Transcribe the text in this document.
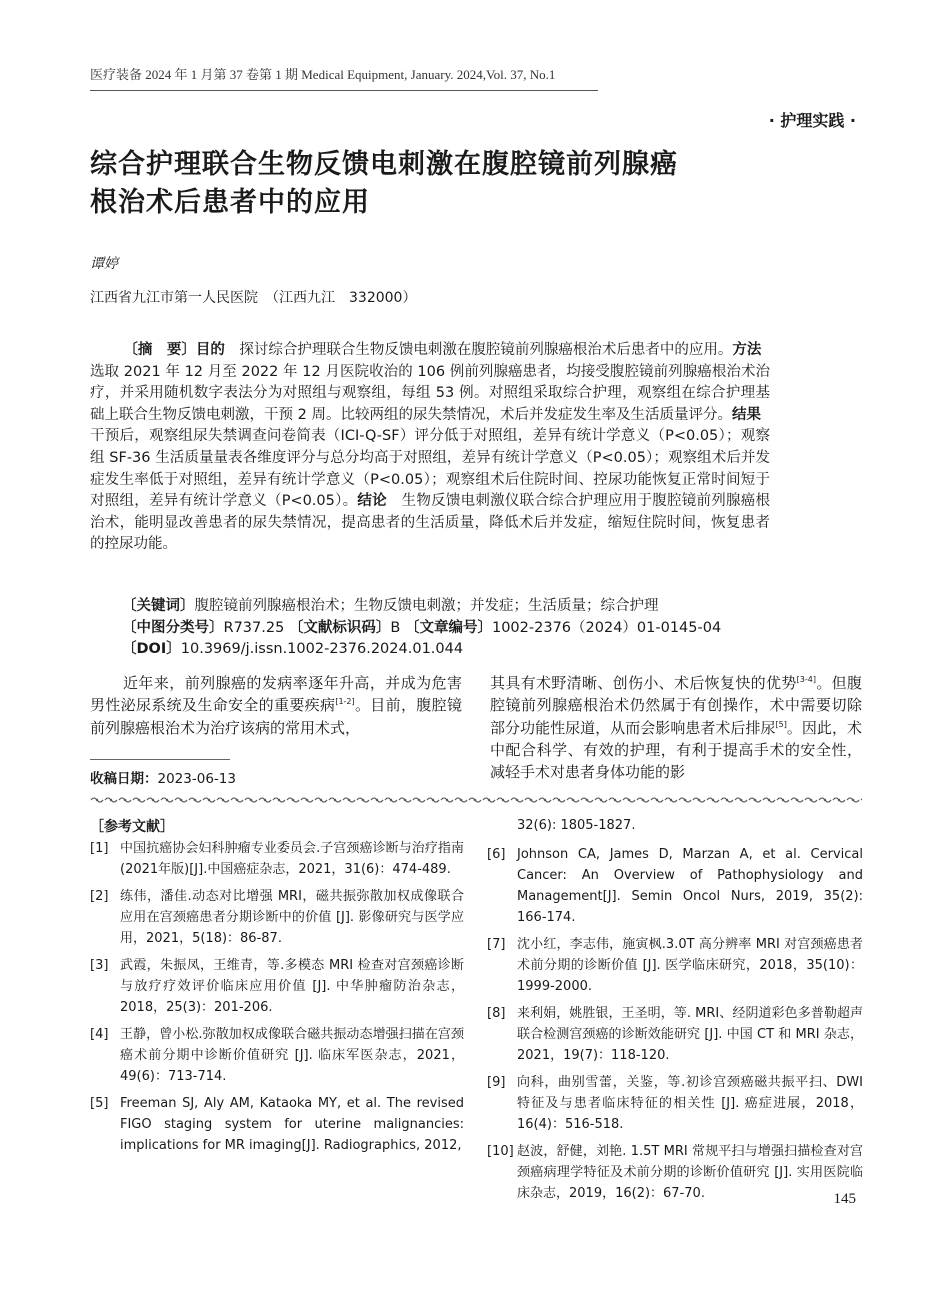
医疗装备 2024 年 1 月第 37 卷第 1 期 Medical Equipment, January. 2024,Vol. 37, No.1
· 护理实践 ·
综合护理联合生物反馈电刺激在腹腔镜前列腺癌
根治术后患者中的应用
谭婷
江西省九江市第一人民医院　（江西九江　332000）
〔摘　要〕目的　探讨综合护理联合生物反馈电刺激在腹腔镜前列腺癌根治术后患者中的应用。方法　选取 2021 年 12 月至 2022 年 12 月医院收治的 106 例前列腺癌患者，均接受腹腔镜前列腺癌根治术治疗，并采用随机数字表法分为对照组与观察组，每组 53 例。对照组采取综合护理，观察组在综合护理基础上联合生物反馈电刺激，干预 2 周。比较两组的尿失禁情况，术后并发症发生率及生活质量评分。结果　干预后，观察组尿失禁调查问卷简表（ICI-Q-SF）评分低于对照组，差异有统计学意义（P<0.05）；观察组 SF-36 生活质量量表各维度评分与总分均高于对照组，差异有统计学意义（P<0.05）；观察组术后并发症发生率低于对照组，差异有统计学意义（P<0.05）；观察组术后住院时间、控尿功能恢复正常时间短于对照组，差异有统计学意义（P<0.05）。结论　生物反馈电刺激仪联合综合护理应用于腹腔镜前列腺癌根治术，能明显改善患者的尿失禁情况，提高患者的生活质量，降低术后并发症，缩短住院时间，恢复患者的控尿功能。
〔关键词〕腹腔镜前列腺癌根治术；生物反馈电刺激；并发症；生活质量；综合护理
〔中图分类号〕R737.25 〔文献标识码〕B 〔文章编号〕1002-2376（2024）01-0145-04
〔DOI〕10.3969/j.issn.1002-2376.2024.01.044
近年来，前列腺癌的发病率逐年升高，并成为危害男性泌尿系统及生命安全的重要疾病[1-2]。目前，腹腔镜前列腺癌根治术为治疗该病的常用术式，
其具有术野清晰、创伤小、术后恢复快的优势[3-4]。但腹腔镜前列腺癌根治术仍然属于有创操作，术中需要切除部分功能性尿道，从而会影响患者术后排尿[5]。因此，术中配合科学、有效的护理，有利于提高手术的安全性，减轻手术对患者身体功能的影
收稿日期：2023-06-13
［参考文献］
[1] 中国抗癌协会妇科肿瘤专业委员会.子宫颈癌诊断与治疗指南(2021年版)[J].中国癌症杂志，2021，31(6)：474-489.
[2] 练伟，潘佳.动态对比增强 MRI，磁共振弥散加权成像联合应用在宫颈癌患者分期诊断中的价值 [J]. 影像研究与医学应用，2021，5(18)：86-87.
[3] 武霞，朱振凤，王维青，等.多模态 MRI 检查对宫颈癌诊断与放疗疗效评价临床应用价值 [J]. 中华肿瘤防治杂志，2018，25(3)：201-206.
[4] 王静，曾小松.弥散加权成像联合磁共振动态增强扫描在宫颈癌术前分期中诊断价值研究 [J]. 临床军医杂志，2021，49(6)：713-714.
[5] Freeman SJ, Aly AM, Kataoka MY, et al. The revised FIGO staging system for uterine malignancies: implications for MR imaging[J]. Radiographics, 2012,
32(6): 1805-1827.
[6] Johnson CA, James D, Marzan A, et al. Cervical Cancer: An Overview of Pathophysiology and Management[J]. Semin Oncol Nurs, 2019, 35(2): 166-174.
[7] 沈小红，李志伟，施寅枫.3.0T 高分辨率 MRI 对宫颈癌患者术前分期的诊断价值 [J]. 医学临床研究，2018，35(10)：1999-2000.
[8] 来利娟，姚胜银，王圣明，等. MRI、经阴道彩色多普勒超声联合检测宫颈癌的诊断效能研究 [J]. 中国 CT 和 MRI 杂志，2021，19(7)：118-120.
[9] 向科，曲别雪蕾，关鉴，等.初诊宫颈癌磁共振平扫、DWI 特征及与患者临床特征的相关性 [J]. 癌症进展，2018，16(4)：516-518.
[10] 赵波，舒健，刘艳. 1.5T MRI 常规平扫与增强扫描检查对宫颈癌病理学特征及术前分期的诊断价值研究 [J]. 实用医院临床杂志，2019，16(2)：67-70.	145
